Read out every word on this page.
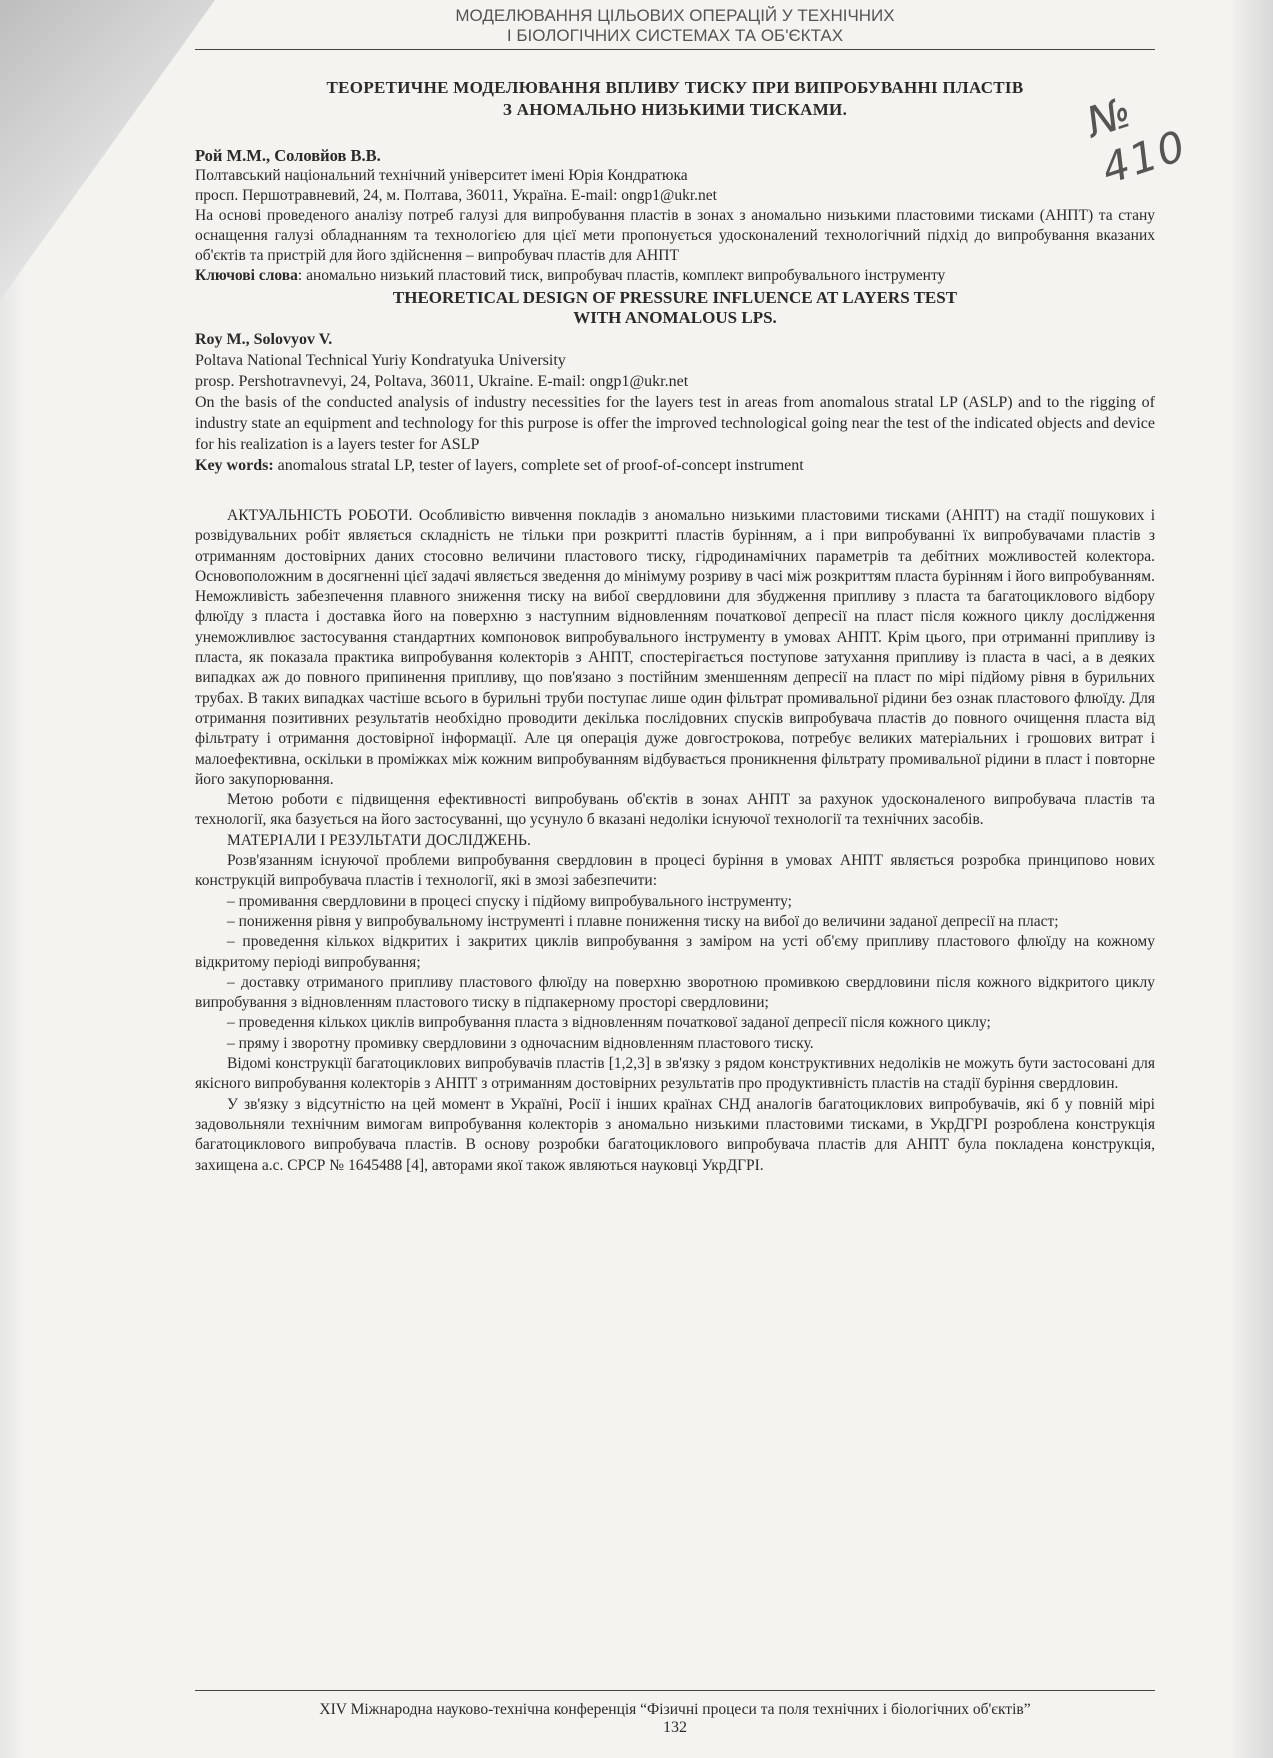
№ 410
МОДЕЛЮВАННЯ ЦІЛЬОВИХ ОПЕРАЦІЙ У ТЕХНІЧНИХ
І БІОЛОГІЧНИХ СИСТЕМАХ ТА ОБ'ЄКТАХ
ТЕОРЕТИЧНЕ МОДЕЛЮВАННЯ ВПЛИВУ ТИСКУ ПРИ ВИПРОБУВАННІ ПЛАСТІВ
З АНОМАЛЬНО НИЗЬКИМИ ТИСКАМИ.
Рой М.М., Соловйов В.В.
Полтавський національний технічний університет імені Юрія Кондратюка
просп. Першотравневий, 24, м. Полтава, 36011, Україна. E-mail: ongp1@ukr.net
На основі проведеного аналізу потреб галузі для випробування пластів в зонах з аномально низькими пластовими тисками (АНПТ) та стану оснащення галузі обладнанням та технологією для цієї мети пропонується удосконалений технологічний підхід до випробування вказаних об'єктів та пристрій для його здійснення – випробувач пластів для АНПТ
Ключові слова: аномально низький пластовий тиск, випробувач пластів, комплект випробувального інструменту
THEORETICAL DESIGN OF PRESSURE INFLUENCE AT LAYERS TEST
WITH ANOMALOUS LPS.
Roy M., Solovyov V.
Poltava National Technical Yuriy Kondratyuka University
prosp. Pershotravnevyi, 24, Poltava, 36011, Ukraine. E-mail: ongp1@ukr.net
On the basis of the conducted analysis of industry necessities for the layers test in areas from anomalous stratal LP (ASLP) and to the rigging of industry state an equipment and technology for this purpose is offer the improved technological going near the test of the indicated objects and device for his realization is a layers tester for ASLP
Key words: anomalous stratal LP, tester of layers, complete set of proof-of-concept instrument

АКТУАЛЬНІСТЬ РОБОТИ. Особливістю вивчення покладів з аномально низькими пластовими тисками (АНПТ) на стадії пошукових і розвідувальних робіт являється складність не тільки при розкритті пластів бурінням, а і при випробуванні їх випробувачами пластів з отриманням достовірних даних стосовно величини пластового тиску, гідродинамічних параметрів та дебітних можливостей колектора. Основоположним в досягненні цієї задачі являється зведення до мінімуму розриву в часі між розкриттям пласта бурінням і його випробуванням. Неможливість забезпечення плавного зниження тиску на вибої свердловини для збудження припливу з пласта та багатоциклового відбору флюїду з пласта і доставка його на поверхню з наступним відновленням початкової депресії на пласт після кожного циклу дослідження унеможливлює застосування стандартних компоновок випробувального інструменту в умовах АНПТ. Крім цього, при отриманні припливу із пласта, як показала практика випробування колекторів з АНПТ, спостерігається поступове затухання припливу із пласта в часі, а в деяких випадках аж до повного припинення припливу, що пов'язано з постійним зменшенням депресії на пласт по мірі підйому рівня в бурильних трубах. В таких випадках частіше всього в бурильні труби поступає лише один фільтрат промивальної рідини без ознак пластового флюїду. Для отримання позитивних результатів необхідно проводити декілька послідовних спусків випробувача пластів до повного очищення пласта від фільтрату і отримання достовірної інформації. Але ця операція дуже довгострокова, потребує великих матеріальних і грошових витрат і малоефективна, оскільки в проміжках між кожним випробуванням відбувається проникнення фільтрату промивальної рідини в пласт і повторне його закупорювання.

Метою роботи є підвищення ефективності випробувань об'єктів в зонах АНПТ за рахунок удосконаленого випробувача пластів та технології, яка базується на його застосуванні, що усунуло б вказані недоліки існуючої технології та технічних засобів.

МАТЕРІАЛИ І РЕЗУЛЬТАТИ ДОСЛІДЖЕНЬ.

Розв'язанням існуючої проблеми випробування свердловин в процесі буріння в умовах АНПТ являється розробка принципово нових конструкцій випробувача пластів і технології, які в змозі забезпечити:

– промивання свердловини в процесі спуску і підйому випробувального інструменту;

– пониження рівня у випробувальному інструменті і плавне пониження тиску на вибої до величини заданої депресії на пласт;

– проведення кількох відкритих і закритих циклів випробування з заміром на усті об'єму припливу пластового флюїду на кожному відкритому періоді випробування;

– доставку отриманого припливу пластового флюїду на поверхню зворотною промивкою свердловини після кожного відкритого циклу випробування з відновленням пластового тиску в підпакерному просторі свердловини;

– проведення кількох циклів випробування пласта з відновленням початкової заданої депресії після кожного циклу;

– пряму і зворотну промивку свердловини з одночасним відновленням пластового тиску.

Відомі конструкції багатоциклових випробувачів пластів [1,2,3] в зв'язку з рядом конструктивних недоліків не можуть бути застосовані для якісного випробування колекторів з АНПТ з отриманням достовірних результатів про продуктивність пластів на стадії буріння свердловин.

У зв'язку з відсутністю на цей момент в Україні, Росії і інших країнах СНД аналогів багатоциклових випробувачів, які б у повній мірі задовольняли технічним вимогам випробування колекторів з аномально низькими пластовими тисками, в УкрДГРІ розроблена конструкція багатоциклового випробувача пластів. В основу розробки багатоциклового випробувача пластів для АНПТ була покладена конструкція, захищена а.с. СРСР № 1645488 [4], авторами якої також являються науковці УкрДГРІ.

XIV Міжнародна науково-технічна конференція “Фізичні процеси та поля технічних і біологічних об'єктів”
132
